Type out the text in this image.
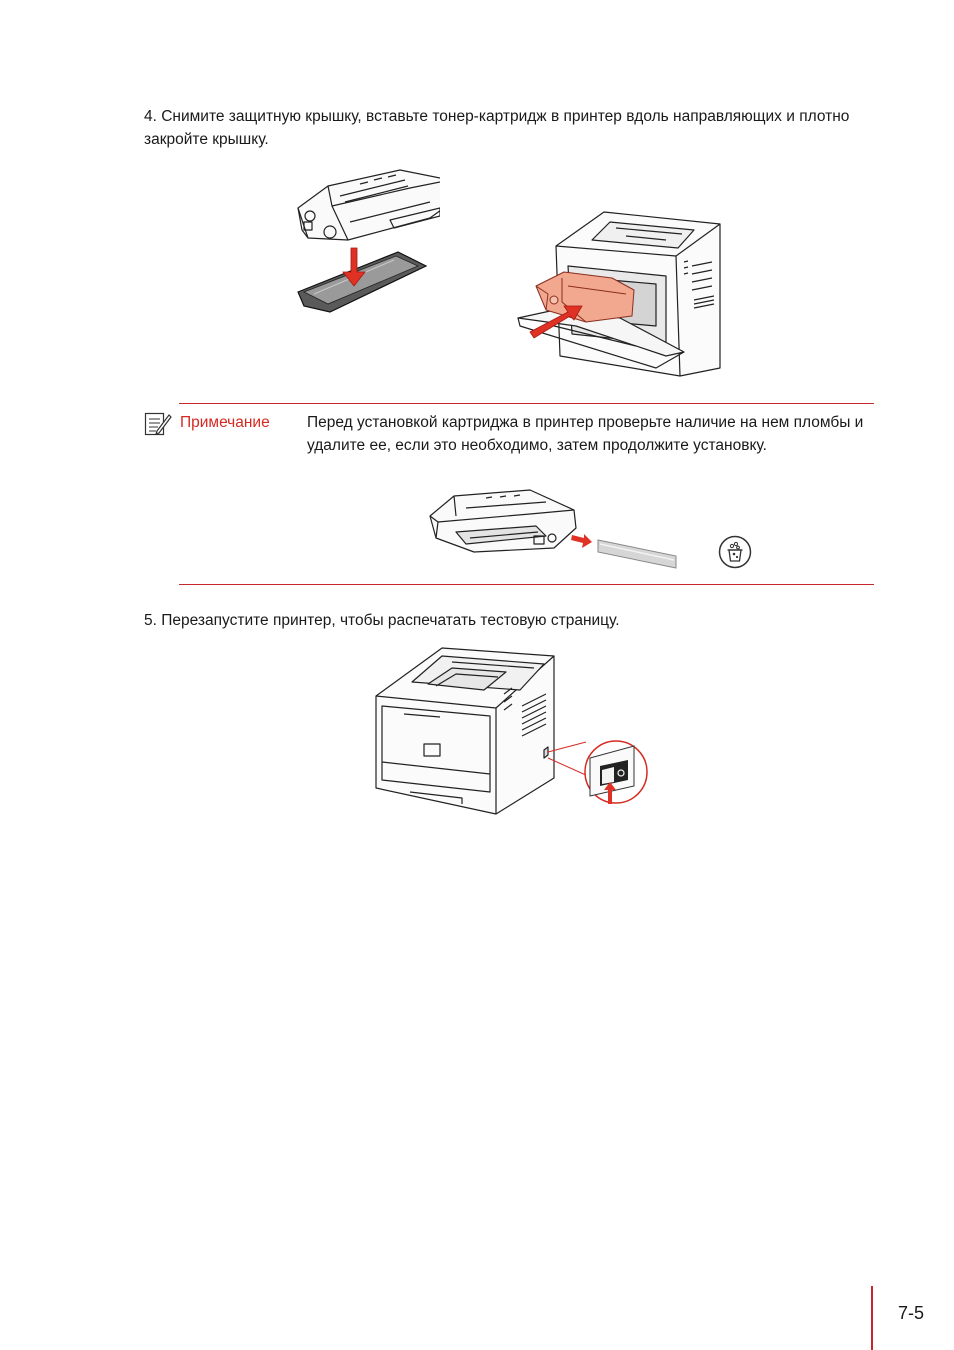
4. Снимите защитную крышку, вставьте тонер-картридж в принтер вдоль направляющих и плотно закройте крышку.

Примечание Перед установкой картриджа в принтер проверьте наличие на нем пломбы и удалите ее, если это необходимо, затем продолжите установку.

5. Перезапустите принтер, чтобы распечатать тестовую страницу.

7-5
